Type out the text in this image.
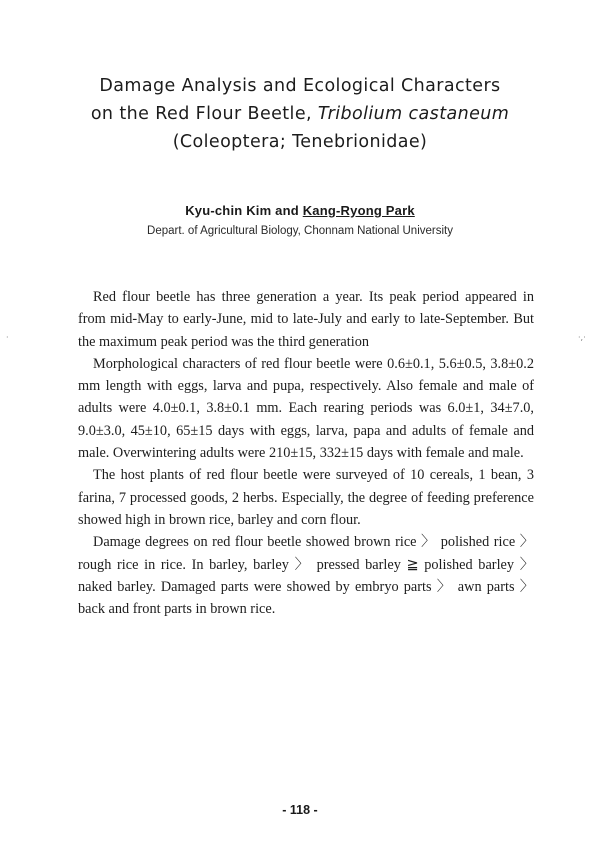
Damage Analysis and Ecological Characters
on the Red Flour Beetle, Tribolium castaneum
(Coleoptera; Tenebrionidae)
Kyu-chin Kim and Kang-Ryong Park
Depart. of Agricultural Biology, Chonnam National University

Red flour beetle has three generation a year. Its peak period appeared in from mid-May to early-June, mid to late-July and early to late-September. But the maximum peak period was the third generation

Morphological characters of red flour beetle were 0.6±0.1, 5.6±0.5, 3.8±0.2 mm length with eggs, larva and pupa, respectively. Also female and male of adults were 4.0±0.1, 3.8±0.1 mm. Each rearing periods was 6.0±1, 34±7.0, 9.0±3.0, 45±10, 65±15 days with eggs, larva, papa and adults of female and male. Overwintering adults were 210±15, 332±15 days with female and male.

The host plants of red flour beetle were surveyed of 10 cereals, 1 bean, 3 farina, 7 processed goods, 2 herbs. Especially, the degree of feeding preference showed high in brown rice, barley and corn flour.

Damage degrees on red flour beetle showed brown rice 〉 polished rice 〉 rough rice in rice. In barley, barley 〉 pressed barley ≧ polished barley 〉 naked barley. Damaged parts were showed by embryo parts 〉 awn parts 〉 back and front parts in brown rice.

·	·,·
- 118 -
